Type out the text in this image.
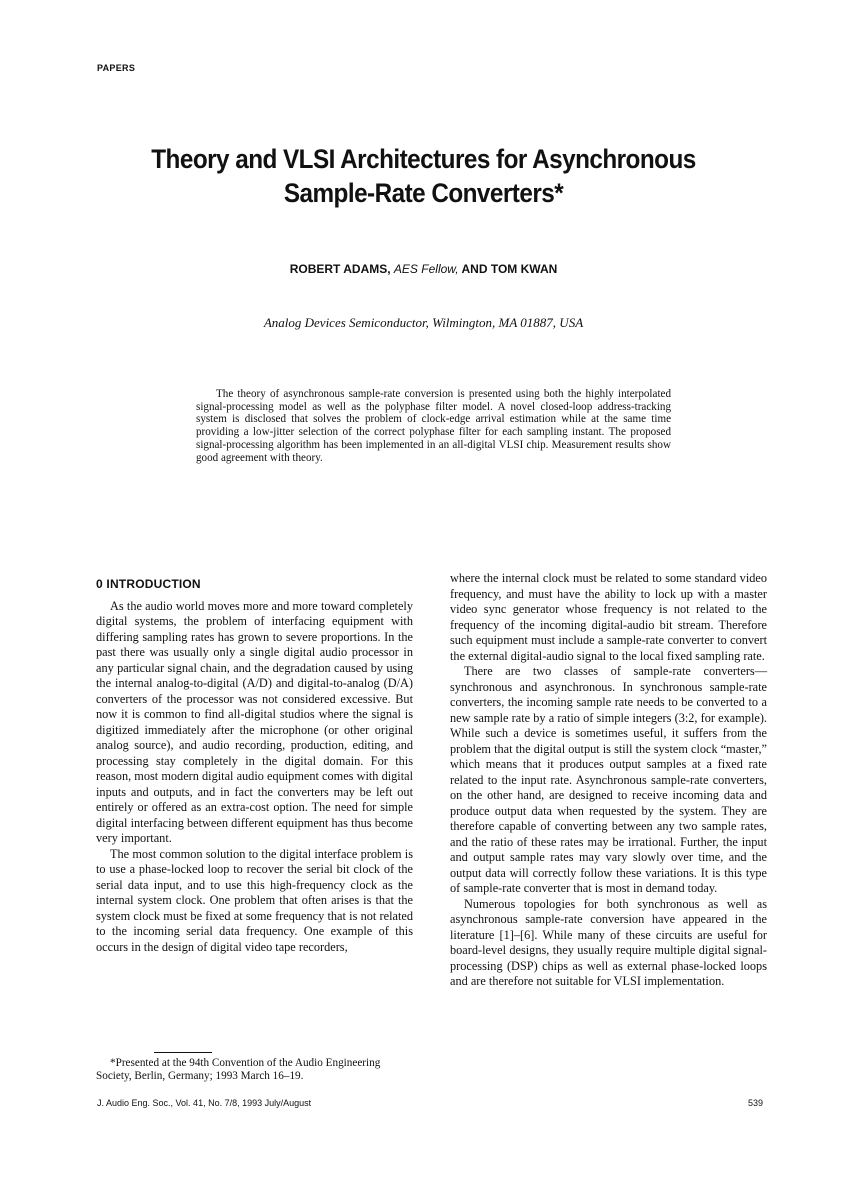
PAPERS
Theory and VLSI Architectures for Asynchronous
Sample-Rate Converters*
ROBERT ADAMS, AES Fellow, AND TOM KWAN
Analog Devices Semiconductor, Wilmington, MA 01887, USA

The theory of asynchronous sample-rate conversion is presented using both the highly interpolated signal-processing model as well as the polyphase filter model. A novel closed-loop address-tracking system is disclosed that solves the problem of clock-edge arrival estimation while at the same time providing a low-jitter selection of the correct polyphase filter for each sampling instant. The proposed signal-processing algorithm has been implemented in an all-digital VLSI chip. Measurement results show good agreement with theory.

0 INTRODUCTION

As the audio world moves more and more toward completely digital systems, the problem of interfacing equipment with differing sampling rates has grown to severe proportions. In the past there was usually only a single digital audio processor in any particular signal chain, and the degradation caused by using the internal analog-to-digital (A/D) and digital-to-analog (D/A) converters of the processor was not considered excessive. But now it is common to find all-digital studios where the signal is digitized immediately after the microphone (or other original analog source), and audio recording, production, editing, and processing stay completely in the digital domain. For this reason, most modern digital audio equipment comes with digital inputs and outputs, and in fact the converters may be left out entirely or offered as an extra-cost option. The need for simple digital interfacing between different equipment has thus become very important.

The most common solution to the digital interface problem is to use a phase-locked loop to recover the serial bit clock of the serial data input, and to use this high-frequency clock as the internal system clock. One problem that often arises is that the system clock must be fixed at some frequency that is not related to the incoming serial data frequency. One example of this occurs in the design of digital video tape recorders,

where the internal clock must be related to some standard video frequency, and must have the ability to lock up with a master video sync generator whose frequency is not related to the frequency of the incoming digital-audio bit stream. Therefore such equipment must include a sample-rate converter to convert the external digital-audio signal to the local fixed sampling rate.

There are two classes of sample-rate converters—synchronous and asynchronous. In synchronous sample-rate converters, the incoming sample rate needs to be converted to a new sample rate by a ratio of simple integers (3:2, for example). While such a device is sometimes useful, it suffers from the problem that the digital output is still the system clock “master,” which means that it produces output samples at a fixed rate related to the input rate. Asynchronous sample-rate converters, on the other hand, are designed to receive incoming data and produce output data when requested by the system. They are therefore capable of converting between any two sample rates, and the ratio of these rates may be irrational. Further, the input and output sample rates may vary slowly over time, and the output data will correctly follow these variations. It is this type of sample-rate converter that is most in demand today.

Numerous topologies for both synchronous as well as asynchronous sample-rate conversion have appeared in the literature [1]–[6]. While many of these circuits are useful for board-level designs, they usually require multiple digital signal-processing (DSP) chips as well as external phase-locked loops and are therefore not suitable for VLSI implementation.

*Presented at the 94th Convention of the Audio Engineering Society, Berlin, Germany; 1993 March 16–19.

J. Audio Eng. Soc., Vol. 41, No. 7/8, 1993 July/August	539
